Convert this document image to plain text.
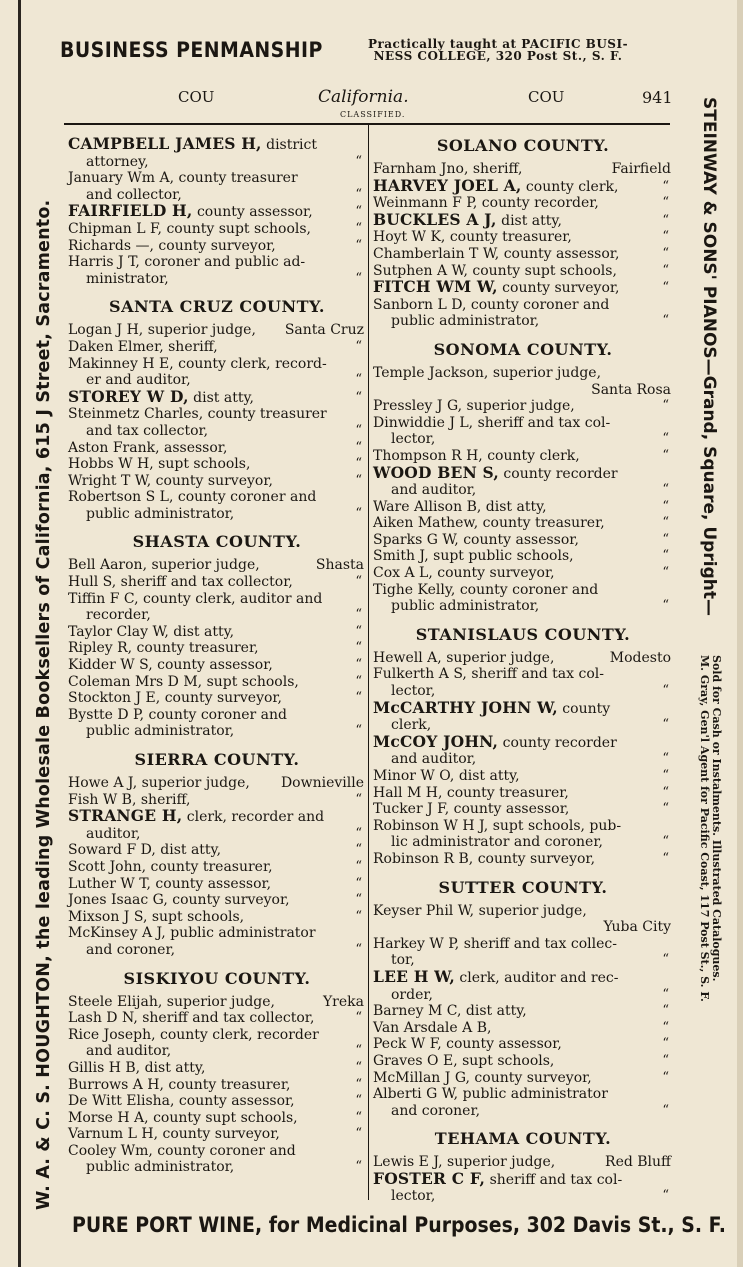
BUSINESS PENMANSHIP	Practically taught at PACIFIC BUSI-
NESS COLLEGE, 320 Post St., S. F.
COU	California.	COU	941
CLASSIFIED.
CAMPBELL JAMES H, district
attorney,	“
January Wm A, county treasurer
and collector,	“
FAIRFIELD H, county assessor,	“
Chipman L F, county supt schools,	“
Richards —, county surveyor,	“
Harris J T, coroner and public ad-
ministrator,	“
SANTA CRUZ COUNTY.
Logan J H, superior judge, Santa Cruz
Daken Elmer, sheriff,	“
Makinney H E, county clerk, record-
er and auditor,	“
STOREY W D, dist atty,	“
Steinmetz Charles, county treasurer
and tax collector,	“
Aston Frank, assessor,	“
Hobbs W H, supt schools,	“
Wright T W, county surveyor,	“
Robertson S L, county coroner and
public administrator,	“
SHASTA COUNTY.
Bell Aaron, superior judge,	Shasta
Hull S, sheriff and tax collector,	“
Tiffin F C, county clerk, auditor and
recorder,	“
Taylor Clay W, dist atty,	“
Ripley R, county treasurer,	“
Kidder W S, county assessor,	“
Coleman Mrs D M, supt schools,	“
Stockton J E, county surveyor,	“
Bystte D P, county coroner and
public administrator,	“
SIERRA COUNTY.
Howe A J, superior judge, Downieville
Fish W B, sheriff,	“
STRANGE H, clerk, recorder and
auditor,	“
Soward F D, dist atty,	“
Scott John, county treasurer,	“
Luther W T, county assessor,	“
Jones Isaac G, county surveyor,	“
Mixson J S, supt schools,	“
McKinsey A J, public administrator
and coroner,	“
SISKIYOU COUNTY.
Steele Elijah, superior judge,	Yreka
Lash D N, sheriff and tax collector,	“
Rice Joseph, county clerk, recorder
and auditor,	“
Gillis H B, dist atty,	“
Burrows A H, county treasurer,	“
De Witt Elisha, county assessor,	“
Morse H A, county supt schools,	“
Varnum L H, county surveyor,	“
Cooley Wm, county coroner and
public administrator,	“
SOLANO COUNTY.
Farnham Jno, sheriff,	Fairfield
HARVEY JOEL A, county clerk,	“
Weinmann F P, county recorder,	“
BUCKLES A J, dist atty,	“
Hoyt W K, county treasurer,	“
Chamberlain T W, county assessor,	“
Sutphen A W, county supt schools,	“
FITCH WM W, county surveyor,	“
Sanborn L D, county coroner and
public administrator,	“
SONOMA COUNTY.
Temple Jackson, superior judge,
Santa Rosa
Pressley J G, superior judge,	“
Dinwiddie J L, sheriff and tax col-
lector,	“
Thompson R H, county clerk,	“
WOOD BEN S, county recorder
and auditor,	“
Ware Allison B, dist atty,	“
Aiken Mathew, county treasurer,	“
Sparks G W, county assessor,	“
Smith J, supt public schools,	“
Cox A L, county surveyor,	“
Tighe Kelly, county coroner and
public administrator,	“
STANISLAUS COUNTY.
Hewell A, superior judge,	Modesto
Fulkerth A S, sheriff and tax col-
lector,	“
McCARTHY JOHN W, county
clerk,	“
McCOY JOHN, county recorder
and auditor,	“
Minor W O, dist atty,	“
Hall M H, county treasurer,	“
Tucker J F, county assessor,	“
Robinson W H J, supt schools, pub-
lic administrator and coroner,	“
Robinson R B, county surveyor,	“
SUTTER COUNTY.
Keyser Phil W, superior judge,
Yuba City
Harkey W P, sheriff and tax collec-
tor,	“
LEE H W, clerk, auditor and rec-
order,	“
Barney M C, dist atty,	“
Van Arsdale A B,	“
Peck W F, county assessor,	“
Graves O E, supt schools,	“
McMillan J G, county surveyor,	“
Alberti G W, public administrator
and coroner,	“
TEHAMA COUNTY.
Lewis E J, superior judge,	Red Bluff
FOSTER C F, sheriff and tax col-
lector,	“
W. A. & C. S. HOUGHTON, the leading Wholesale Booksellers of California, 615 J Street, Sacramento.	STEINWAY & SONS' PIANOS—Grand, Square, Upright—
Sold for Cash or Instalments. Illustrated Catalogues.
M. Gray, Gen'l Agent for Pacific Coast, 117 Post St., S. F.
PURE PORT WINE, for Medicinal Purposes, 302 Davis St., S. F.
